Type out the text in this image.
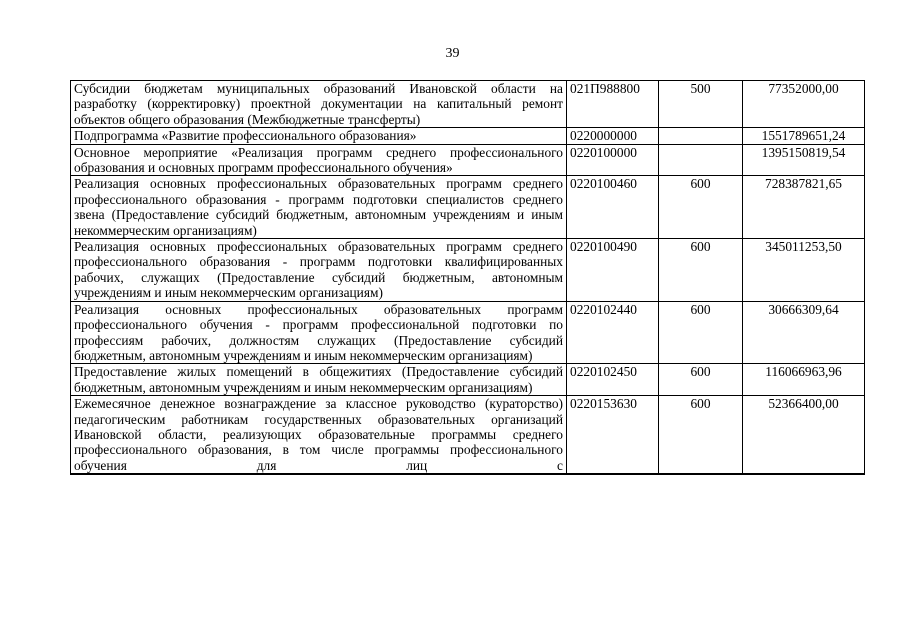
39
Субсидии бюджетам муниципальных образований Ивановской области на разработку (корректировку) проектной документации на капитальный ремонт объектов общего образования (Межбюджетные трансферты)	021П988800	500	77352000,00
Подпрограмма «Развитие профессионального образования»	0220000000		1551789651,24
Основное мероприятие «Реализация программ среднего профессионального образования и основных программ профессионального обучения»	0220100000		1395150819,54
Реализация основных профессиональных образовательных программ среднего профессионального образования - программ подготовки специалистов среднего звена (Предоставление субсидий бюджетным, автономным учреждениям и иным некоммерческим организациям)	0220100460	600	728387821,65
Реализация основных профессиональных образовательных программ среднего профессионального образования - программ подготовки квалифицированных рабочих, служащих (Предоставление субсидий бюджетным, автономным учреждениям и иным некоммерческим организациям)	0220100490	600	345011253,50
Реализация основных профессиональных образовательных программ профессионального обучения - программ профессиональной подготовки по профессиям рабочих, должностям служащих (Предоставление субсидий бюджетным, автономным учреждениям и иным некоммерческим организациям)	0220102440	600	30666309,64
Предоставление жилых помещений в общежитиях (Предоставление субсидий бюджетным, автономным учреждениям и иным некоммерческим организациям)	0220102450	600	116066963,96
Ежемесячное денежное вознаграждение за классное руководство (кураторство) педагогическим работникам государственных образовательных организаций Ивановской области, реализующих образовательные программы среднего профессионального образования, в том числе программы профессионального обучения для лиц с	0220153630	600	52366400,00
